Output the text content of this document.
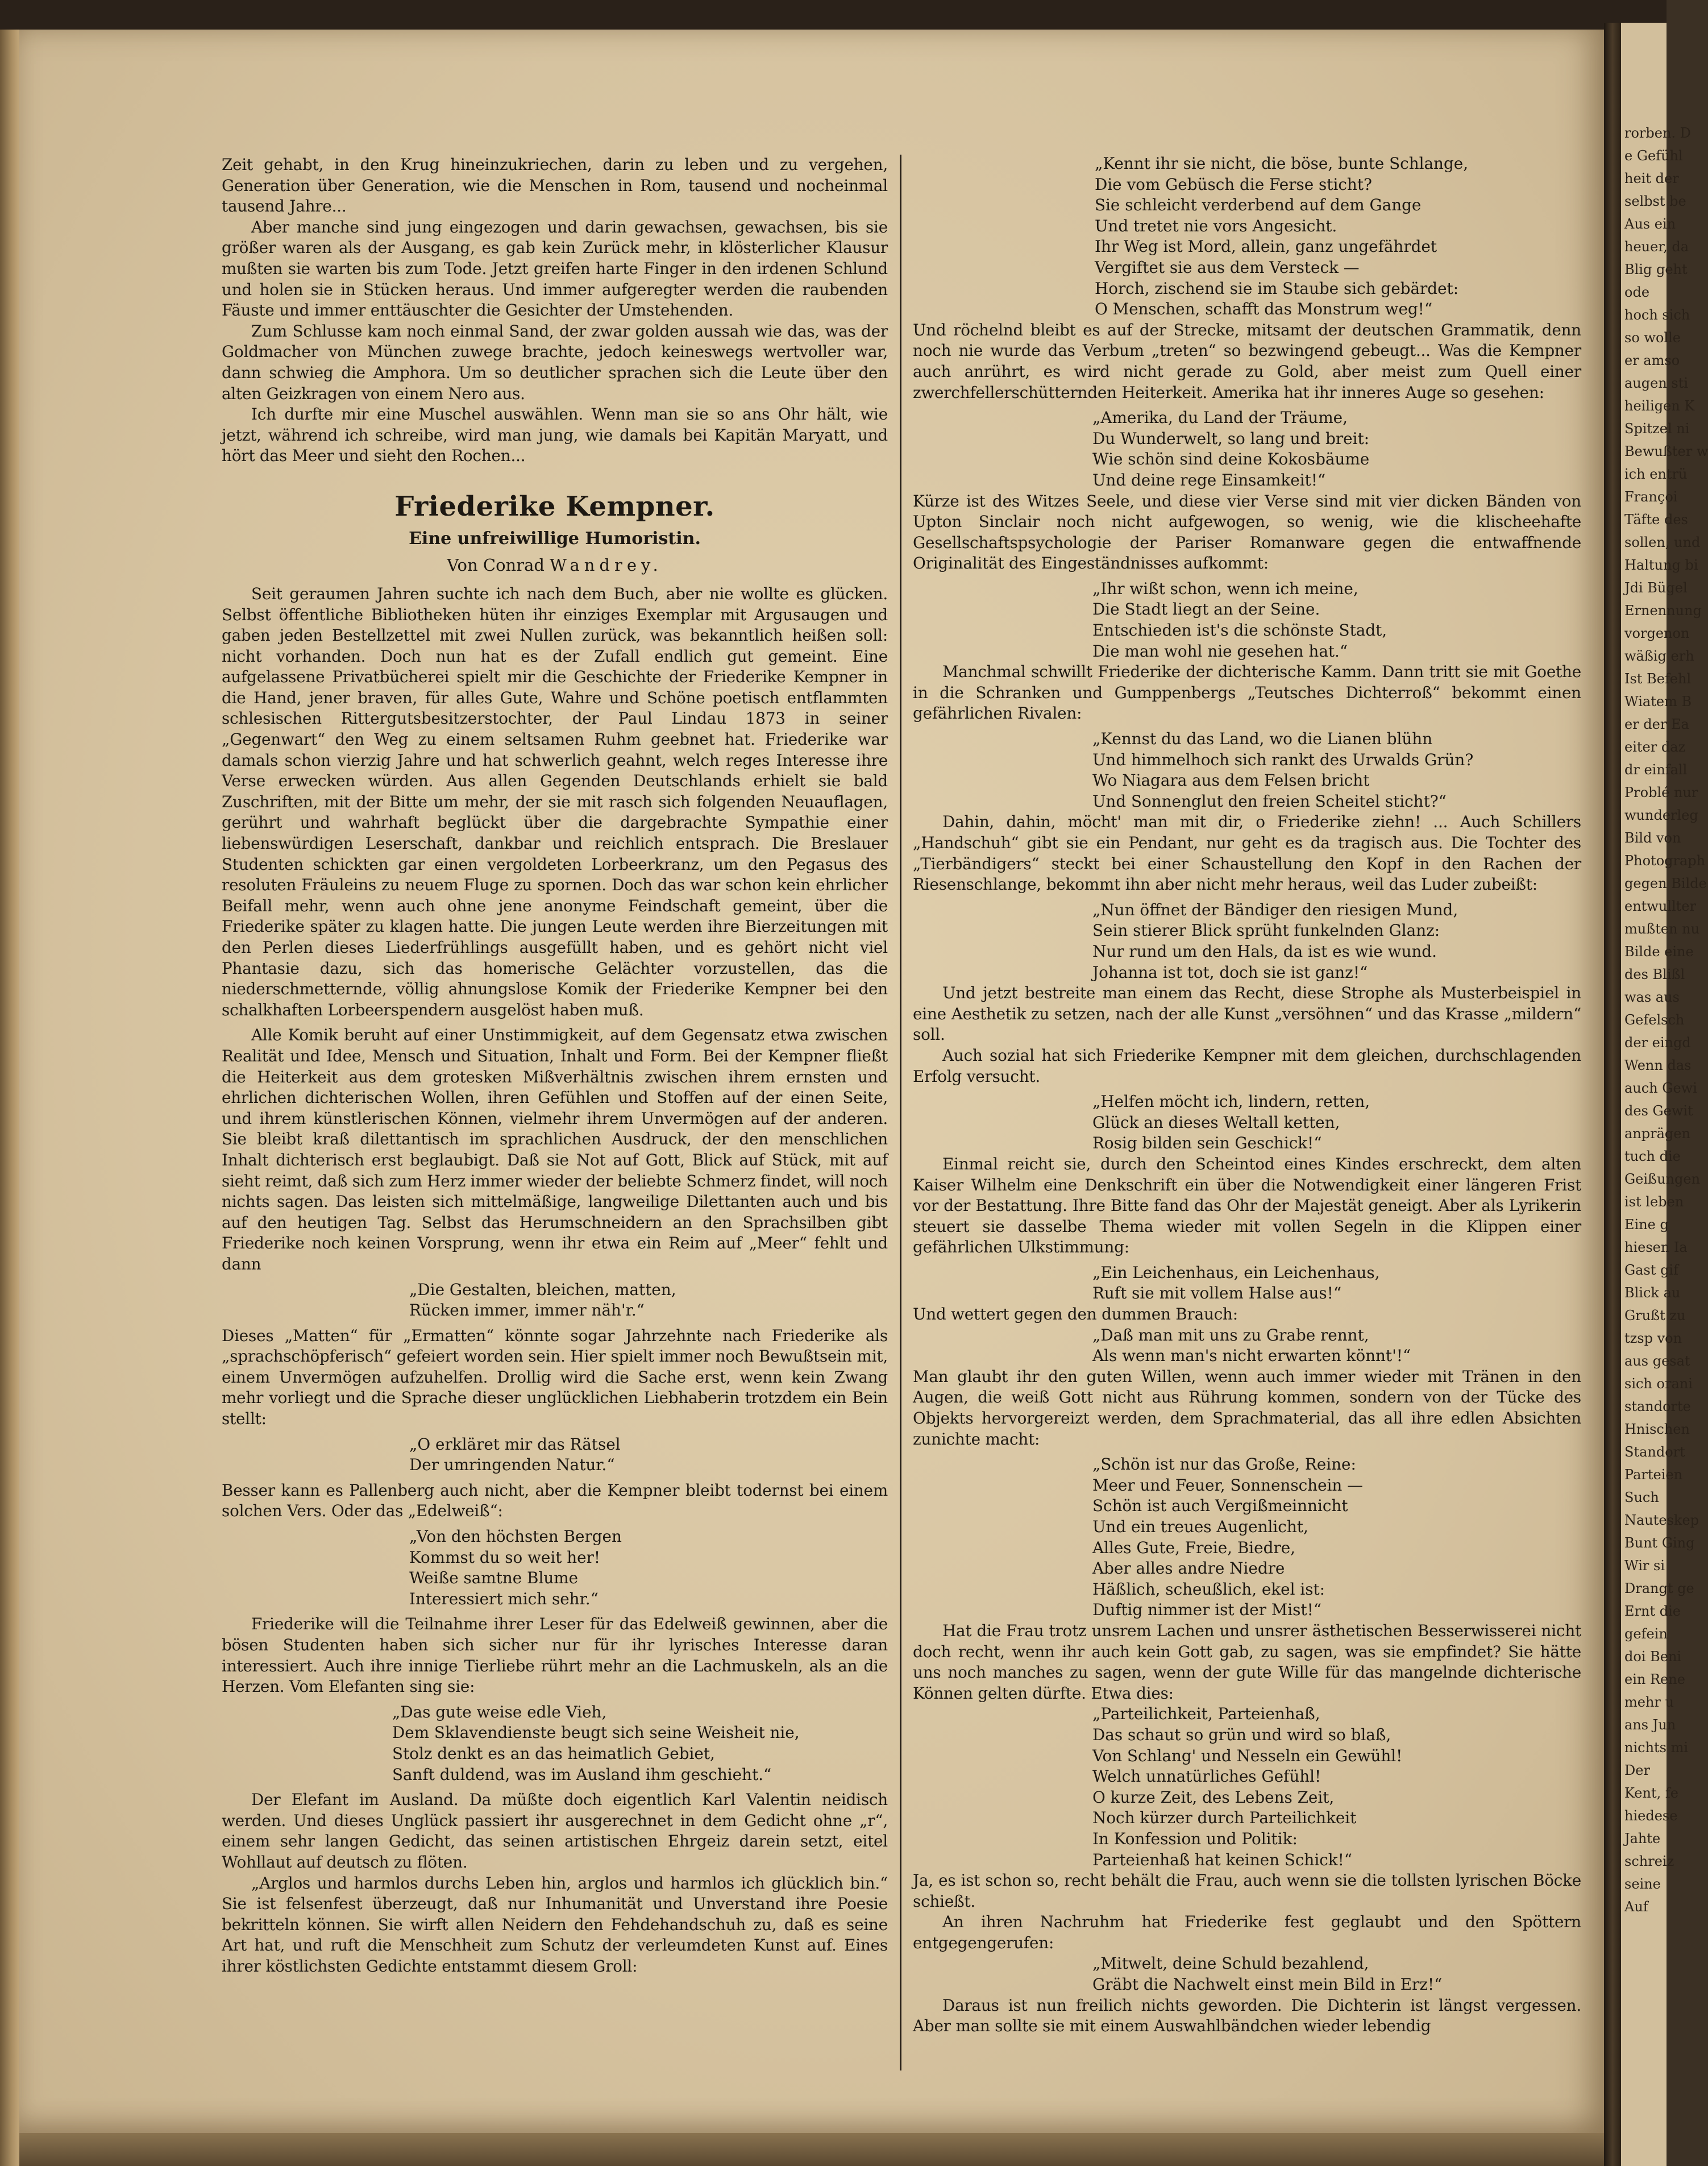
Zeit gehabt, in den Krug hineinzukriechen, darin zu leben und zu vergehen, Generation über Generation, wie die Menschen in Rom, tausend und nocheinmal tausend Jahre...

Aber manche sind jung eingezogen und darin gewachsen, gewachsen, bis sie größer waren als der Ausgang, es gab kein Zurück mehr, in klösterlicher Klausur mußten sie warten bis zum Tode. Jetzt greifen harte Finger in den irdenen Schlund und holen sie in Stücken heraus. Und immer aufgeregter werden die raubenden Fäuste und immer enttäuschter die Gesichter der Umstehenden.

Zum Schlusse kam noch einmal Sand, der zwar golden aussah wie das, was der Goldmacher von München zuwege brachte, jedoch keineswegs wertvoller war, dann schwieg die Amphora. Um so deutlicher sprachen sich die Leute über den alten Geizkragen von einem Nero aus.

Ich durfte mir eine Muschel auswählen. Wenn man sie so ans Ohr hält, wie jetzt, während ich schreibe, wird man jung, wie damals bei Kapitän Maryatt, und hört das Meer und sieht den Rochen...

Friederike Kempner.
Eine unfreiwillige Humoristin.

Von Conrad Wandrey.

Seit geraumen Jahren suchte ich nach dem Buch, aber nie wollte es glücken. Selbst öffentliche Bibliotheken hüten ihr einziges Exemplar mit Argusaugen und gaben jeden Bestellzettel mit zwei Nullen zurück, was bekanntlich heißen soll: nicht vorhanden. Doch nun hat es der Zufall endlich gut gemeint. Eine aufgelassene Privatbücherei spielt mir die Geschichte der Friederike Kempner in die Hand, jener braven, für alles Gute, Wahre und Schöne poetisch entflammten schlesischen Rittergutsbesitzerstochter, der Paul Lindau 1873 in seiner „Gegenwart“ den Weg zu einem seltsamen Ruhm geebnet hat. Friederike war damals schon vierzig Jahre und hat schwerlich geahnt, welch reges Interesse ihre Verse erwecken würden. Aus allen Gegenden Deutschlands erhielt sie bald Zuschriften, mit der Bitte um mehr, der sie mit rasch sich folgenden Neuauflagen, gerührt und wahrhaft beglückt über die dargebrachte Sympathie einer liebenswürdigen Leserschaft, dankbar und reichlich entsprach. Die Breslauer Studenten schickten gar einen vergoldeten Lorbeerkranz, um den Pegasus des resoluten Fräuleins zu neuem Fluge zu spornen. Doch das war schon kein ehrlicher Beifall mehr, wenn auch ohne jene anonyme Feindschaft gemeint, über die Friederike später zu klagen hatte. Die jungen Leute werden ihre Bierzeitungen mit den Perlen dieses Liederfrühlings ausgefüllt haben, und es gehört nicht viel Phantasie dazu, sich das homerische Gelächter vorzustellen, das die niederschmetternde, völlig ahnungslose Komik der Friederike Kempner bei den schalkhaften Lorbeerspendern ausgelöst haben muß.

Alle Komik beruht auf einer Unstimmigkeit, auf dem Gegensatz etwa zwischen Realität und Idee, Mensch und Situation, Inhalt und Form. Bei der Kempner fließt die Heiterkeit aus dem grotesken Mißverhältnis zwischen ihrem ernsten und ehrlichen dichterischen Wollen, ihren Gefühlen und Stoffen auf der einen Seite, und ihrem künstlerischen Können, vielmehr ihrem Unvermögen auf der anderen. Sie bleibt kraß dilettantisch im sprachlichen Ausdruck, der den menschlichen Inhalt dichterisch erst beglaubigt. Daß sie Not auf Gott, Blick auf Stück, mit auf sieht reimt, daß sich zum Herz immer wieder der beliebte Schmerz findet, will noch nichts sagen. Das leisten sich mittelmäßige, langweilige Dilettanten auch und bis auf den heutigen Tag. Selbst das Herumschneidern an den Sprachsilben gibt Friederike noch keinen Vorsprung, wenn ihr etwa ein Reim auf „Meer“ fehlt und dann

„Die Gestalten, bleichen, matten,
Rücken immer, immer näh'r.“

Dieses „Matten“ für „Ermatten“ könnte sogar Jahrzehnte nach Friederike als „sprachschöpferisch“ gefeiert worden sein. Hier spielt immer noch Bewußtsein mit, einem Unvermögen aufzuhelfen. Drollig wird die Sache erst, wenn kein Zwang mehr vorliegt und die Sprache dieser unglücklichen Liebhaberin trotzdem ein Bein stellt:

„O erkläret mir das Rätsel
Der umringenden Natur.“

Besser kann es Pallenberg auch nicht, aber die Kempner bleibt todernst bei einem solchen Vers. Oder das „Edelweiß“:

„Von den höchsten Bergen
Kommst du so weit her!
Weiße samtne Blume
Interessiert mich sehr.“

Friederike will die Teilnahme ihrer Leser für das Edelweiß gewinnen, aber die bösen Studenten haben sich sicher nur für ihr lyrisches Interesse daran interessiert. Auch ihre innige Tierliebe rührt mehr an die Lachmuskeln, als an die Herzen. Vom Elefanten sing sie:

„Das gute weise edle Vieh,
Dem Sklavendienste beugt sich seine Weisheit nie,
Stolz denkt es an das heimatlich Gebiet,
Sanft duldend, was im Ausland ihm geschieht.“

Der Elefant im Ausland. Da müßte doch eigentlich Karl Valentin neidisch werden. Und dieses Unglück passiert ihr ausgerechnet in dem Gedicht ohne „r“, einem sehr langen Gedicht, das seinen artistischen Ehrgeiz darein setzt, eitel Wohllaut auf deutsch zu flöten.

„Arglos und harmlos durchs Leben hin, arglos und harmlos ich glücklich bin.“ Sie ist felsenfest überzeugt, daß nur Inhumanität und Unverstand ihre Poesie bekritteln können. Sie wirft allen Neidern den Fehdehandschuh zu, daß es seine Art hat, und ruft die Menschheit zum Schutz der verleumdeten Kunst auf. Eines ihrer köstlichsten Gedichte entstammt diesem Groll:

„Kennt ihr sie nicht, die böse, bunte Schlange,
Die vom Gebüsch die Ferse sticht?
Sie schleicht verderbend auf dem Gange
Und tretet nie vors Angesicht.
Ihr Weg ist Mord, allein, ganz ungefährdet
Vergiftet sie aus dem Versteck —
Horch, zischend sie im Staube sich gebärdet:
O Menschen, schafft das Monstrum weg!“

Und röchelnd bleibt es auf der Strecke, mitsamt der deutschen Grammatik, denn noch nie wurde das Verbum „treten“ so bezwingend gebeugt... Was die Kempner auch anrührt, es wird nicht gerade zu Gold, aber meist zum Quell einer zwerchfellerschütternden Heiterkeit. Amerika hat ihr inneres Auge so gesehen:

„Amerika, du Land der Träume,
Du Wunderwelt, so lang und breit:
Wie schön sind deine Kokosbäume
Und deine rege Einsamkeit!“

Kürze ist des Witzes Seele, und diese vier Verse sind mit vier dicken Bänden von Upton Sinclair noch nicht aufgewogen, so wenig, wie die klischeehafte Gesellschaftspsychologie der Pariser Romanware gegen die entwaffnende Originalität des Eingeständnisses aufkommt:

„Ihr wißt schon, wenn ich meine,
Die Stadt liegt an der Seine.
Entschieden ist's die schönste Stadt,
Die man wohl nie gesehen hat.“

Manchmal schwillt Friederike der dichterische Kamm. Dann tritt sie mit Goethe in die Schranken und Gumppenbergs „Teutsches Dichterroß“ bekommt einen gefährlichen Rivalen:

„Kennst du das Land, wo die Lianen blühn
Und himmelhoch sich rankt des Urwalds Grün?
Wo Niagara aus dem Felsen bricht
Und Sonnenglut den freien Scheitel sticht?“

Dahin, dahin, möcht' man mit dir, o Friederike ziehn! ... Auch Schillers „Handschuh“ gibt sie ein Pendant, nur geht es da tragisch aus. Die Tochter des „Tierbändigers“ steckt bei einer Schaustellung den Kopf in den Rachen der Riesenschlange, bekommt ihn aber nicht mehr heraus, weil das Luder zubeißt:

„Nun öffnet der Bändiger den riesigen Mund,
Sein stierer Blick sprüht funkelnden Glanz:
Nur rund um den Hals, da ist es wie wund.
Johanna ist tot, doch sie ist ganz!“

Und jetzt bestreite man einem das Recht, diese Strophe als Musterbeispiel in eine Aesthetik zu setzen, nach der alle Kunst „versöhnen“ und das Krasse „mildern“ soll.

Auch sozial hat sich Friederike Kempner mit dem gleichen, durchschlagenden Erfolg versucht.

„Helfen möcht ich, lindern, retten,
Glück an dieses Weltall ketten,
Rosig bilden sein Geschick!“

Einmal reicht sie, durch den Scheintod eines Kindes erschreckt, dem alten Kaiser Wilhelm eine Denkschrift ein über die Notwendigkeit einer längeren Frist vor der Bestattung. Ihre Bitte fand das Ohr der Majestät geneigt. Aber als Lyrikerin steuert sie dasselbe Thema wieder mit vollen Segeln in die Klippen einer gefährlichen Ulkstimmung:

„Ein Leichenhaus, ein Leichenhaus,
Ruft sie mit vollem Halse aus!“

Und wettert gegen den dummen Brauch:

„Daß man mit uns zu Grabe rennt,
Als wenn man's nicht erwarten könnt'!“

Man glaubt ihr den guten Willen, wenn auch immer wieder mit Tränen in den Augen, die weiß Gott nicht aus Rührung kommen, sondern von der Tücke des Objekts hervorgereizt werden, dem Sprachmaterial, das all ihre edlen Absichten zunichte macht:

„Schön ist nur das Große, Reine:
Meer und Feuer, Sonnenschein —
Schön ist auch Vergißmeinnicht
Und ein treues Augenlicht,
Alles Gute, Freie, Biedre,
Aber alles andre Niedre
Häßlich, scheußlich, ekel ist:
Duftig nimmer ist der Mist!“

Hat die Frau trotz unsrem Lachen und unsrer ästhetischen Besserwisserei nicht doch recht, wenn ihr auch kein Gott gab, zu sagen, was sie empfindet? Sie hätte uns noch manches zu sagen, wenn der gute Wille für das mangelnde dichterische Können gelten dürfte. Etwa dies:

„Parteilichkeit, Parteienhaß,
Das schaut so grün und wird so blaß,
Von Schlang' und Nesseln ein Gewühl!
Welch unnatürliches Gefühl!
O kurze Zeit, des Lebens Zeit,
Noch kürzer durch Parteilichkeit
In Konfession und Politik:
Parteienhaß hat keinen Schick!“

Ja, es ist schon so, recht behält die Frau, auch wenn sie die tollsten lyrischen Böcke schießt.

An ihren Nachruhm hat Friederike fest geglaubt und den Spöttern entgegengerufen:

„Mitwelt, deine Schuld bezahlend,
Gräbt die Nachwelt einst mein Bild in Erz!“

Daraus ist nun freilich nichts geworden. Die Dichterin ist längst vergessen. Aber man sollte sie mit einem Auswahlbändchen wieder lebendig

rorben. D
e Gefühl
heit der
selbst be
Aus ein
heuer, da
Blig geht
ode
hoch sich
so wolle
er amso
augen sti
heiligen K
Spitzel ni
Bewußter w
ich entrü
Françoi
Täfte des
sollen, und
Haltung bi
Jdi Bügel
Ernennung
vorgenon
wäßig erh
Ist Befehl
Wiatem B
er der Ea
eiter daz
dr einfall
Problé nur
wunderleg
Bild von
Photograph
gegen Bilde
entwullter
mußten nu
Bilde eine
des Blißl
was aus
Gefelsch
der eingd
Wenn das
auch Gewi
des Gewit
anprägen
tuch die
Geißungen
ist leben
Eine g
hiesen Ia
Gast gif
Blick au
Grußt zu
tzsp von
aus gesat
sich orani
standorte
Hnischen
Standort
Parteien
Such
Nauteskep
Bunt Ging
Wir si
Drangt ge
Ernt die
gefein
doi Beni
ein Rene
mehr u
ans Jun
nichts mi
Der
Kent, fe
hiedese
Jahte
schreiz
seine
Auf
